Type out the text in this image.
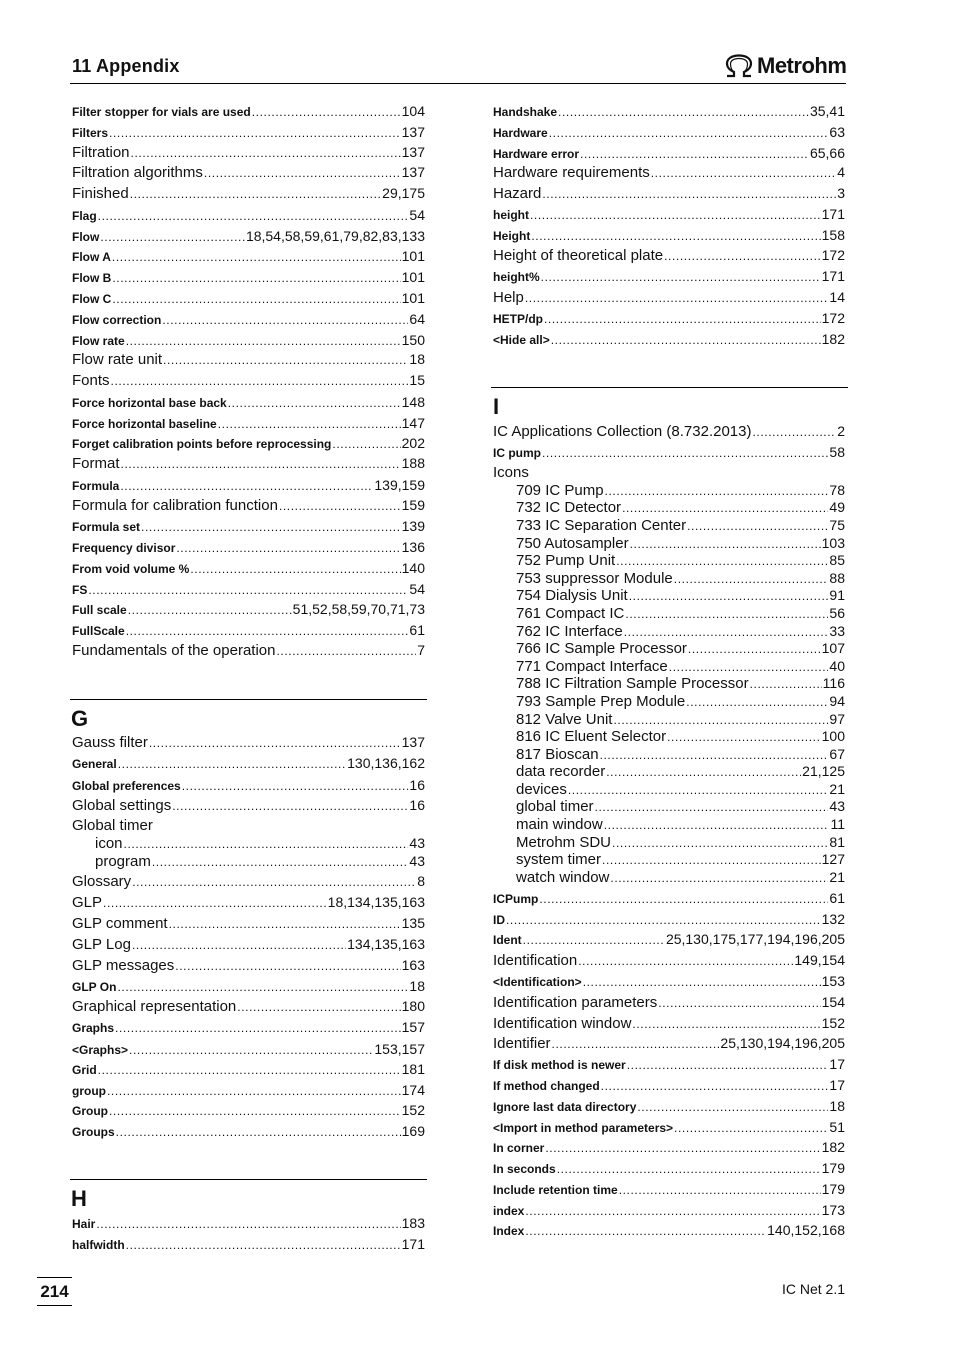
11 Appendix	Metrohm
G
H
I
Filter stopper for vials are used .....	104
Filters .....	137
Filtration .....	137
Filtration algorithms .....	137
Finished .....	29,175
Flag .....	54
Flow .....	18,54,58,59,61,79,82,83,133
Flow A .....	101
Flow B .....	101
Flow C .....	101
Flow correction .....	64
Flow rate .....	150
Flow rate unit .....	18
Fonts .....	15
Force horizontal base back .....	148
Force horizontal baseline .....	147
Forget calibration points before reprocessing .....	202
Format .....	188
Formula .....	139,159
Formula for calibration function .....	159
Formula set .....	139
Frequency divisor .....	136
From void volume % .....	140
FS .....	54
Full scale .....	51,52,58,59,70,71,73
FullScale .....	61
Fundamentals of the operation .....	7
Gauss filter .....	137
General .....	130,136,162
Global preferences .....	16
Global settings .....	16
Global timer
icon .....	43
program .....	43
Glossary .....	8
GLP .....	18,134,135,163
GLP comment .....	135
GLP Log .....	134,135,163
GLP messages .....	163
GLP On .....	18
Graphical representation .....	180
Graphs .....	157
<Graphs> .....	153,157
Grid .....	181
group .....	174
Group .....	152
Groups .....	169
Hair .....	183
halfwidth .....	171
Handshake .....	35,41
Hardware .....	63
Hardware error .....	65,66
Hardware requirements .....	4
Hazard .....	3
height .....	171
Height .....	158
Height of theoretical plate .....	172
height% .....	171
Help .....	14
HETP/dp .....	172
<Hide all> .....	182
IC Applications Collection (8.732.2013) .....	2
IC pump .....	58
Icons
709 IC Pump .....	78
732 IC Detector .....	49
733 IC Separation Center .....	75
750 Autosampler .....	103
752 Pump Unit .....	85
753 suppressor Module .....	88
754 Dialysis Unit .....	91
761 Compact IC .....	56
762 IC Interface .....	33
766 IC Sample Processor .....	107
771 Compact Interface .....	40
788 IC Filtration Sample Processor .....	116
793 Sample Prep Module .....	94
812 Valve Unit .....	97
816 IC Eluent Selector .....	100
817 Bioscan .....	67
data recorder .....	21,125
devices .....	21
global timer .....	43
main window .....	11
Metrohm SDU .....	81
system timer .....	127
watch window .....	21
ICPump .....	61
ID .....	132
Ident .....	25,130,175,177,194,196,205
Identification .....	149,154
<Identification> .....	153
Identification parameters .....	154
Identification window .....	152
Identifier .....	25,130,194,196,205
If disk method is newer .....	17
If method changed .....	17
Ignore last data directory .....	18
<Import in method parameters> .....	51
In corner .....	182
In seconds .....	179
Include retention time .....	179
index .....	173
Index .....	140,152,168
214	IC Net 2.1
